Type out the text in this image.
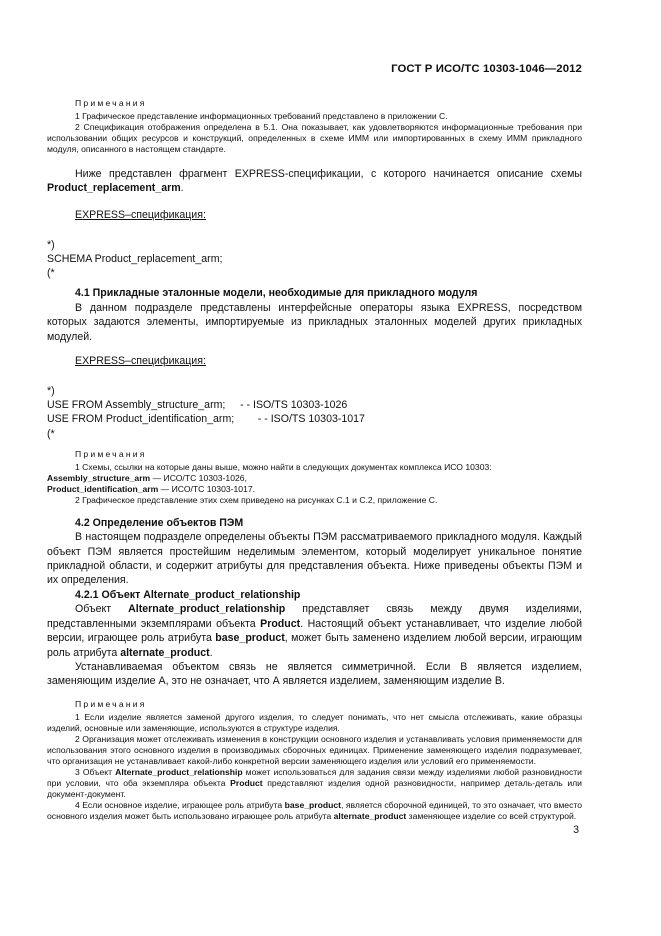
ГОСТ Р ИСО/ТС 10303-1046—2012

Примечания

1 Графическое представление информационных требований представлено в приложении С.

2 Спецификация отображения определена в 5.1. Она показывает, как удовлетворяются информационные требования при использовании общих ресурсов и конструкций, определенных в схеме ИММ или импортированных в схему ИММ прикладного модуля, описанного в настоящем стандарте.

Ниже представлен фрагмент EXPRESS-спецификации, с которого начинается описание схемы Product_replacement_arm.

EXPRESS–спецификация:

*)

SCHEMA Product_replacement_arm;

(*

4.1 Прикладные эталонные модели, необходимые для прикладного модуля

В данном подразделе представлены интерфейсные операторы языка EXPRESS, посредством которых задаются элементы, импортируемые из прикладных эталонных моделей других прикладных модулей.

EXPRESS–спецификация:

*)

USE FROM Assembly_structure_arm;     - - ISO/TS 10303-1026

USE FROM Product_identification_arm;        - - ISO/TS 10303-1017

(*

Примечания

1 Схемы, ссылки на которые даны выше, можно найти в следующих документах комплекса ИСО 10303:

Assembly_structure_arm — ИСО/ТС 10303-1026,

Product_identification_arm — ИСО/ТС 10303-1017.

2 Графическое представление этих схем приведено на рисунках С.1 и С.2, приложение С.

4.2 Определение объектов ПЭМ

В настоящем подразделе определены объекты ПЭМ рассматриваемого прикладного модуля. Каждый объект ПЭМ является простейшим неделимым элементом, который моделирует уникальное понятие прикладной области, и содержит атрибуты для представления объекта. Ниже приведены объекты ПЭМ и их определения.

4.2.1 Объект Alternate_product_relationship

Объект Alternate_product_relationship представляет связь между двумя изделиями, представленными экземплярами объекта Product. Настоящий объект устанавливает, что изделие любой версии, играющее роль атрибута base_product, может быть заменено изделием любой версии, играющим роль атрибута alternate_product.

Устанавливаемая объектом связь не является симметричной. Если В является изделием, заменяющим изделие А, это не означает, что А является изделием, заменяющим изделие В.

Примечания

1 Если изделие является заменой другого изделия, то следует понимать, что нет смысла отслеживать, какие образцы изделий, основные или заменяющие, используются в структуре изделия.

2 Организация может отслеживать изменения в конструкции основного изделия и устанавливать условия применяемости для использования этого основного изделия в производимых сборочных единицах. Применение заменяющего изделия подразумевает, что организация не устанавливает какой-либо конкретной версии заменяющего изделия или условий его применяемости.

3 Объект Alternate_product_relationship может использоваться для задания связи между изделиями любой разновидности при условии, что оба экземпляра объекта Product представляют изделия одной разновидности, например деталь-деталь или документ-документ.

4 Если основное изделие, играющее роль атрибута base_product, является сборочной единицей, то это означает, что вместо основного изделия может быть использовано играющее роль атрибута alternate_product заменяющее изделие со всей структурой.

3
